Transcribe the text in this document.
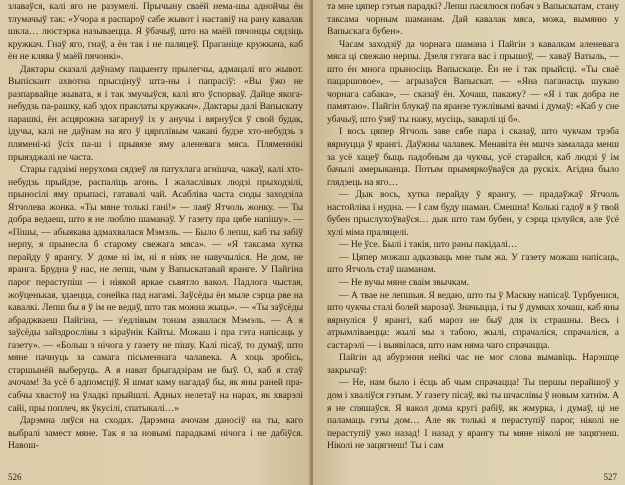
злаваўся, калі яго не разумелі. Прычыну сваёй нема-шы аднойчы ён тлумачыў так: «Учора я распароў сабе жывот і наставіў на рану кавалак шкла… люстэрка называецца. Я ўбачыў, што на маёй пячонцы сядзіць кружкач. Гнаў яго, гнаў, а ён так і не паляцеў. Праганіце кружкача, каб ён не клява ў маёй пячонкі».

Дактары сказалі даўнаму пацыенту прылегчы, адмацалі яго жывот. Выпіскант ахвотна прысцінуў шта-ны і папрасіў: «Вы ўжо не разпарвайце жывата, я і так змучыўся, калі яго ўспорваў. Дайце якога-небудзь па-рашку, каб здох праклаты кружкач». Дактары далі Вапыскату парашкі, ён асцярожна загарнуў іх у анучы і вярнуўся ў свой будак, ідучы, калі не даўнам на яго ў цярплівым чакані будзе хто-небудзь з плямені-кі ўсіх па-ш і прывязе яму аленевага мяса. Пляменнікі прыязджалі не часта.

Стары гадзімі нерухома сядзеў ля патухлага агнішча, чакаў, калі хто-небудзь прыйдзе, распаліць агонь. І жаласлівых людзі прыходзілі, прыносілі яму прыпасі, гатавалі чай. Асабліва часта сюды заходзіла Ятчолева жонка. «Ты мяне толькі гані!» — лаяў Ятчоль жонку. — Ты добра ведаеш, што я не люблю шаманаў. У газету пра цябе напішу». — «Пішы, — абыякава адмахвалася Мэмэль. — Было б лепш, каб ты забіў нерпу, я прынесла б старому свежага мяса». — «Я таксама хутка перайду ў ярангу. У доме ні ім, ні я ніяк не навучыліся. Не дом, не яранга. Бруднa ў нас, не лепш, чым у Вапыскатавай яранге. У Пайгіна парог пераступіш — і ніякой яркае сьвятло вакол. Падлога чыстая, жоўценькая, здаецца, сонейка пад нагамі. Заўсёды ён мыле сэрца рве на кавалкі. Лепш бы я ў ім не ведаў, што так можна жыць». — «Ты заўсёды абраджваеш Пайгіна, — з'едлівым тонам азвалася Мэмэль. — А я заўсёды зайздрослівы з кіраўнік Кайты. Можаш і пра гэта напісаць у газету». — «Больш з нічога у газету не пішу. Калі пісаў, то думаў, што мяне пачнуць за самага пісьменнага чалавека. А хоць зробісь, старшынёй выберуць. А я нават брыгадзірам не быў. О, каб я стаў ачочам! За усё б адпомсціў. Я шмат каму нагадаў бы, як яны раней пра-сабчы хвастоў на ўладкі прыйшлі. Адных нелетаў на нарах, як хварэлі сайі, пры поплеч, як ўкусілі, спатыкалі…»

Дарэмна ляўся на сходах. Дарэмна ачочам даносіў на ты, каго выбралі замест мяне. Так я за новымі парадкамі нічога і не дабіўся. Навош-

526

та мне цяпер гэтыя парадкі? Лепш пасялюся побач з Вапыскатам, стану таксама чорным шаманам. Дай кавалак мяса, можа, вымяню у Вапыскага бубен».

Часам заходзіў да чорнага шамана і Пайгін з кавалкам аленевага мяса ці свежаю нерпы. Дзеля гэтага вас і прышоў, — хаваў Ватыль, — што ён многа прыносіць Вапыскаце. Ён не і так прыйсці. «Ты сваё пацаршовое», — агрызаўся Вапыскат. — «Яна паганасць шукаю чорнага сабака», — сказаў ён. Хочаш, пакажу? — «Я і так добра не памятаю». Пайгін блукаў па яранзе тужлівымі вачмі і думаў: «Каб у сне убачыў, што ўзяў ты нажу, мусіць, заварлі ці б».

І вось цяпер Ятчоль заве сябе пара і сказаў, што чукчам трэба вярнуцца ў ярангі. Даўжны чалавек. Менавіта ён мшчэ замалада менш за усё хацеў быць падобным да чукчы, усё старайся, каб людзі ў ім бачылі амерыканца. Потым прымяркоўваўся да рускіх. Агідна было глядзець на яго…

— Дык вось, хутка перайду ў ярангу, — прадаўжаў Ятчоль настойліва і нудна. — І сам буду шаман. Смешна! Колькі гадоў я ў твой бубен прыслухоўваўся… дык што там бубен, у сэрца цэлуйся, але ўсё хулі міма праляцелі.

— Не ўсе. Былі і такія, што раны пакідалі…

— Цяпер можаш адказваць мне тым жа. У газету можаш напісаць, што Ятчоль стаў шаманам.

— Не вучы мяне сваім звычкам.

— А твае не лепшыя. Я ведаю, што ты ў Маскву напісаў. Турбуешся, што чукчы сталі болей марозаў. Значыцца, і ты ў думках хочаш, каб яны вярнуліся ў ярангі, каб мароз не быў для іх страшны. Весь і атрымліваецца: жылі мы з табою, жылі, спрачаліся, спрачаліся, а састарэлі — і выявілася, што нам няма чаго спрачацца.

Пайгін ад абурэння нейкі час не мог слова вымавіць. Нарэшце закрычаў:

— Не, нам было і ёсць аб чым спрачацца! Ты першы перайшоў у дом і хваліўся гэтым. У газету пісаў, які ты шчаслівы ў новым хатнім. А я не спяшаўся. Я вакол дома кругі рабіў, як жмурка, і думаў, ці не паламаць гэты дом… Але як толькі я пераступіў парог, ніколі не пераступіў ужо назад! І назад у ярангу ты мяне ніколі не зацягнеш. Ніколі не зацягнеш! Ты і сам

527
